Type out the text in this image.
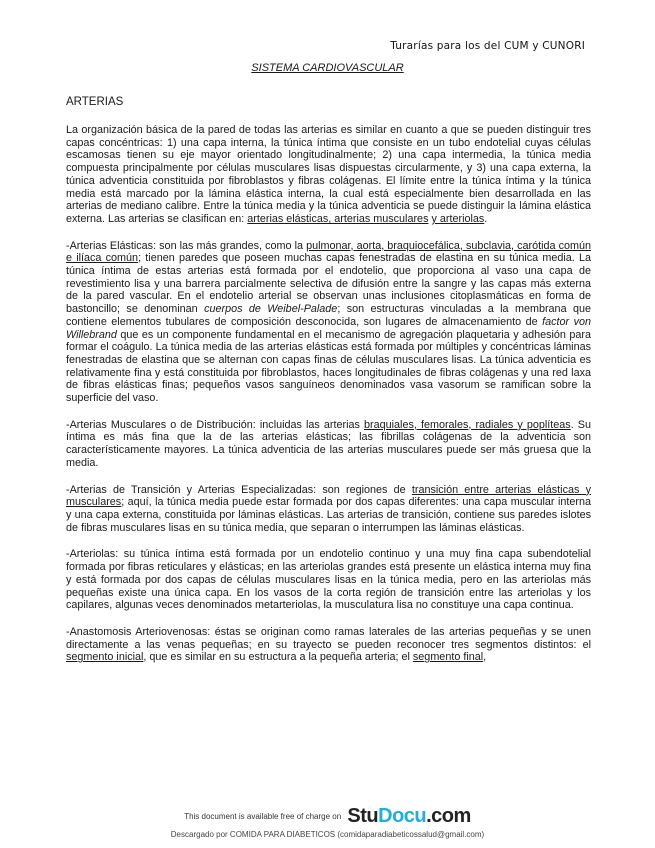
Turarías para los del CUM y CUNORI
SISTEMA CARDIOVASCULAR
ARTERIAS

La organización básica de la pared de todas las arterias es similar en cuanto a que se pueden distinguir tres capas concéntricas: 1) una capa interna, la túnica íntima que consiste en un tubo endotelial cuyas células escamosas tienen su eje mayor orientado longitudinalmente; 2) una capa intermedia, la túnica media compuesta principalmente por células musculares lisas dispuestas circularmente, y 3) una capa externa, la túnica adventicia constituida por fibroblastos y fibras colágenas. El límite entre la túnica íntima y la túnica media está marcado por la lámina elástica interna, la cual está especialmente bien desarrollada en las arterias de mediano calibre. Entre la túnica media y la túnica adventicia se puede distinguir la lámina elástica externa. Las arterias se clasifican en: arterias elásticas, arterias musculares y arteriolas.

-Arterias Elásticas: son las más grandes, como la pulmonar, aorta, braquiocefálica, subclavia, carótida común e ilíaca común; tienen paredes que poseen muchas capas fenestradas de elastina en su túnica media. La túnica íntima de estas arterias está formada por el endotelio, que proporciona al vaso una capa de revestimiento lisa y una barrera parcialmente selectiva de difusión entre la sangre y las capas más externa de la pared vascular. En el endotelio arterial se observan unas inclusiones citoplasmáticas en forma de bastoncillo; se denominan cuerpos de Weibel-Palade; son estructuras vinculadas a la membrana que contiene elementos tubulares de composición desconocida, son lugares de almacenamiento de factor von Willebrand que es un componente fundamental en el mecanismo de agregación plaquetaria y adhesión para formar el coágulo. La túnica media de las arterias elásticas está formada por múltiples y concéntricas láminas fenestradas de elastina que se alternan con capas finas de células musculares lisas. La túnica adventicia es relativamente fina y está constituida por fibroblastos, haces longitudinales de fibras colágenas y una red laxa de fibras elásticas finas; pequeños vasos sanguíneos denominados vasa vasorum se ramifican sobre la superficie del vaso.

-Arterias Musculares o de Distribución: incluidas las arterias braquiales, femorales, radiales y poplíteas. Su íntima es más fina que la de las arterias elásticas; las fibrillas colágenas de la adventicia son característicamente mayores. La túnica adventicia de las arterias musculares puede ser más gruesa que la media.

-Arterias de Transición y Arterias Especializadas: son regiones de transición entre arterias elásticas y musculares; aquí, la túnica media puede estar formada por dos capas diferentes: una capa muscular interna y una capa externa, constituida por láminas elásticas. Las arterias de transición, contiene sus paredes islotes de fibras musculares lisas en su túnica media, que separan o interrumpen las láminas elásticas.

-Arteriolas: su túnica íntima está formada por un endotelio continuo y una muy fina capa subendotelial formada por fibras reticulares y elásticas; en las arteriolas grandes está presente un elástica interna muy fina y está formada por dos capas de células musculares lisas en la túnica media, pero en las arteriolas más pequeñas existe una única capa. En los vasos de la corta región de transición entre las arteriolas y los capilares, algunas veces denominados metarteriolas, la musculatura lisa no constituye una capa continua.

-Anastomosis Arteriovenosas: éstas se originan como ramas laterales de las arterias pequeñas y se unen directamente a las venas pequeñas; en su trayecto se pueden reconocer tres segmentos distintos: el segmento inicial, que es similar en su estructura a la pequeña arteria; el segmento final,

This document is available free of charge on StuDocu.com
Descargado por COMIDA PARA DIABETICOS (comidaparadiabeticossalud@gmail.com)
